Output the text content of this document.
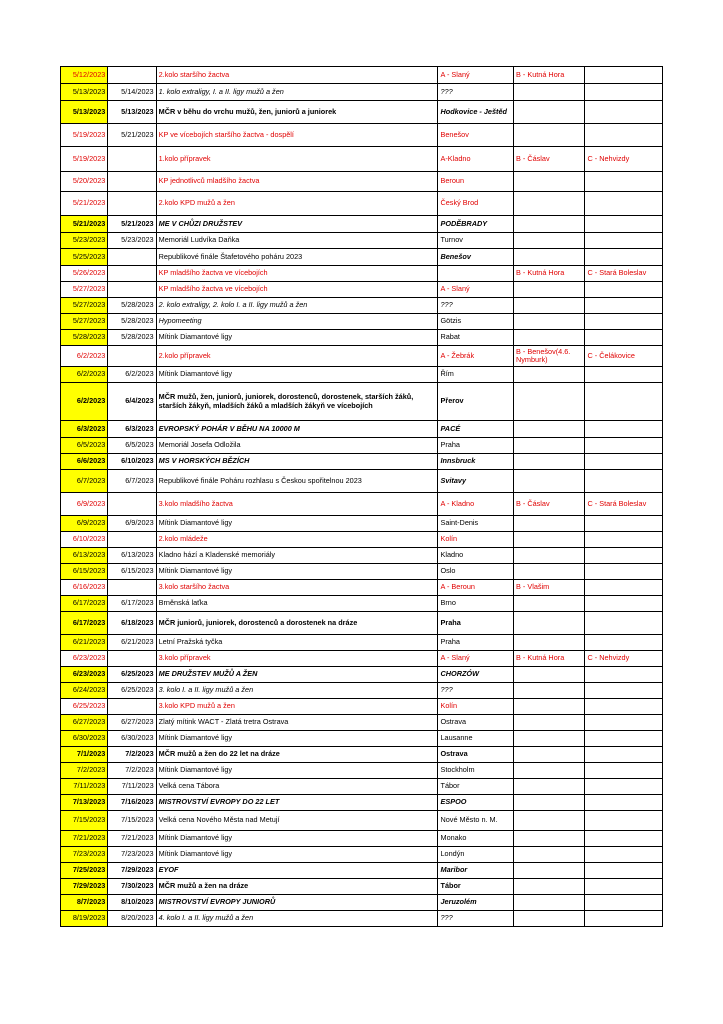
5/12/2023		2.kolo staršího žactva	A - Slaný	B - Kutná Hora	
5/13/2023	5/14/2023	1. kolo extraligy, I. a II. ligy mužů a žen	???		
5/13/2023	5/13/2023	MČR v běhu do vrchu mužů, žen, juniorů a juniorek	Hodkovice - Ještěd		
5/19/2023	5/21/2023	KP ve vícebojích staršího žactva - dospělí	Benešov		
5/19/2023		1.kolo přípravek	A-Kladno	B - Čáslav	C - Nehvizdy
5/20/2023		KP jednotlivců mladšího žactva	Beroun		
5/21/2023		2.kolo KPD mužů a žen	Český Brod		
5/21/2023	5/21/2023	ME V CHŮZI DRUŽSTEV	PODĚBRADY		
5/23/2023	5/23/2023	Memoriál Ludvíka Daňka	Turnov		
5/25/2023		Republikové finále Štafetového poháru 2023	Benešov		
5/26/2023		KP mladšího žactva ve vícebojích		B - Kutná Hora	C - Stará Boleslav
5/27/2023		KP mladšího žactva ve vícebojích	A - Slaný		
5/27/2023	5/28/2023	2. kolo extraligy, 2. kolo I. a II. ligy mužů a žen	???		
5/27/2023	5/28/2023	Hypomeeting	Götzis		
5/28/2023	5/28/2023	Mítink Diamantové ligy	Rabat		
6/2/2023		2.kolo přípravek	A - Žebrák	B - Benešov(4.6. Nymburk)	C - Čelákovice
6/2/2023	6/2/2023	Mítink Diamantové ligy	Řím		
6/2/2023	6/4/2023	MČR mužů, žen, juniorů, juniorek, dorostenců, dorostenek, starších žáků, starších žákyň, mladších žáků a mladších žákyň ve vícebojích	Přerov		
6/3/2023	6/3/2023	EVROPSKÝ POHÁR V BĚHU NA 10000 M	PACÉ		
6/5/2023	6/5/2023	Memoriál Josefa Odložila	Praha		
6/6/2023	6/10/2023	MS V HORSKÝCH BĚZÍCH	Innsbruck		
6/7/2023	6/7/2023	Republikové finále Poháru rozhlasu s Českou spořitelnou 2023	Svitavy		
6/9/2023		3.kolo mladšího žactva	A - Kladno	B - Čáslav	C - Stará Boleslav
6/9/2023	6/9/2023	Mítink Diamantové ligy	Saint-Denis		
6/10/2023		2.kolo mládeže	Kolín		
6/13/2023	6/13/2023	Kladno hází a Kladenské memoriály	Kladno		
6/15/2023	6/15/2023	Mítink Diamantové ligy	Oslo		
6/16/2023		3.kolo staršího žactva	A - Beroun	B - Vlašim	
6/17/2023	6/17/2023	Brněnská laťka	Brno		
6/17/2023	6/18/2023	MČR juniorů, juniorek, dorostenců a dorostenek na dráze	Praha		
6/21/2023	6/21/2023	Letní Pražská tyčka	Praha		
6/23/2023		3.kolo přípravek	A - Slaný	B - Kutná Hora	C - Nehvizdy
6/23/2023	6/25/2023	ME DRUŽSTEV MUŽŮ A ŽEN	CHORZÓW		
6/24/2023	6/25/2023	3. kolo I. a II. ligy mužů a žen	???		
6/25/2023		3.kolo KPD mužů a žen	Kolín		
6/27/2023	6/27/2023	Zlatý mítink WACT - Zlatá tretra Ostrava	Ostrava		
6/30/2023	6/30/2023	Mítink Diamantové ligy	Lausanne		
7/1/2023	7/2/2023	MČR mužů a žen do 22 let na dráze	Ostrava		
7/2/2023	7/2/2023	Mítink Diamantové ligy	Stockholm		
7/11/2023	7/11/2023	Velká cena Tábora	Tábor		
7/13/2023	7/16/2023	MISTROVSTVÍ EVROPY DO 22 LET	ESPOO		
7/15/2023	7/15/2023	Velká cena Nového Města nad Metují	Nové Město n. M.		
7/21/2023	7/21/2023	Mítink Diamantové ligy	Monako		
7/23/2023	7/23/2023	Mítink Diamantové ligy	Londýn		
7/25/2023	7/29/2023	EYOF	Maribor		
7/29/2023	7/30/2023	MČR mužů a žen na dráze	Tábor		
8/7/2023	8/10/2023	MISTROVSTVÍ EVROPY JUNIORŮ	Jeruzolém		
8/19/2023	8/20/2023	4. kolo I. a II. ligy mužů a žen	???		
